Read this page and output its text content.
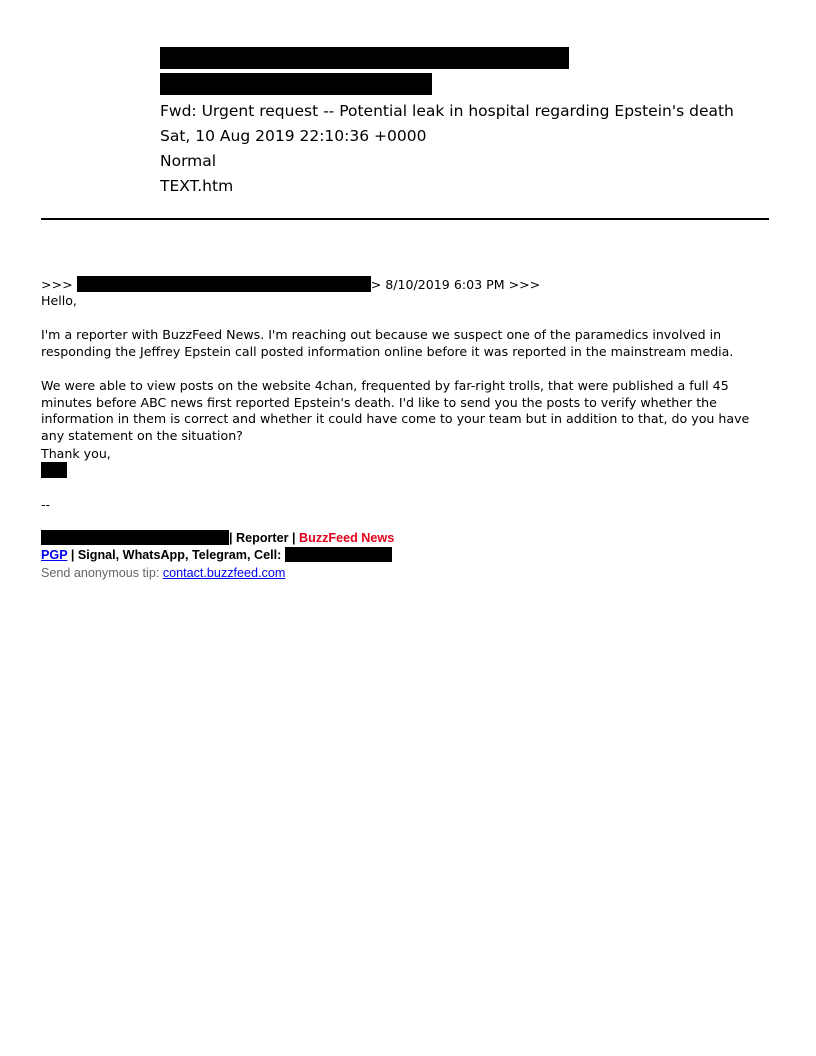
Fwd: Urgent request -- Potential leak in hospital regarding Epstein's death
Sat, 10 Aug 2019 22:10:36 +0000
Normal
TEXT.htm
>>>	> 8/10/2019 6:03 PM >>>
Hello,

I'm a reporter with BuzzFeed News. I'm reaching out because we suspect one of the paramedics involved in responding the Jeffrey Epstein call posted information online before it was reported in the mainstream media.

We were able to view posts on the website 4chan, frequented by far-right trolls, that were published a full 45 minutes before ABC news first reported Epstein's death. I'd like to send you the posts to verify whether the information in them is correct and whether it could have come to your team but in addition to that, do you have any statement on the situation?

Thank you,
--
| Reporter | BuzzFeed News
PGP | Signal, WhatsApp, Telegram, Cell:
Send anonymous tip: contact.buzzfeed.com
